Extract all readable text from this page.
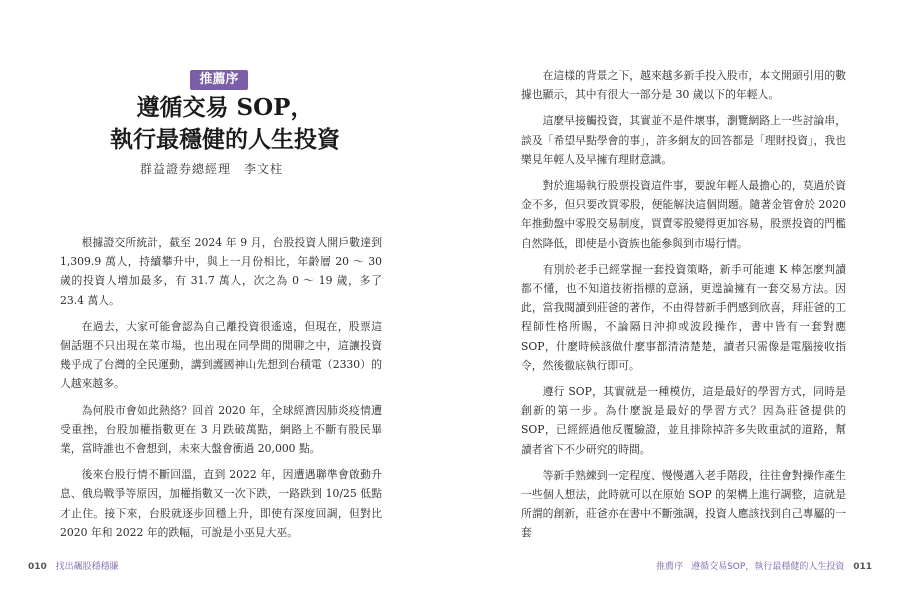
推薦序
遵循交易 SOP，
執行最穩健的人生投資
群益證券總經理　李文柱

根據證交所統計，截至 2024 年 9 月，台股投資人開戶數達到 1,309.9 萬人，持續攀升中，與上一月份相比，年齡層 20 ～ 30 歲的投資人增加最多，有 31.7 萬人，次之為 0 ～ 19 歲，多了 23.4 萬人。

在過去，大家可能會認為自己離投資很遙遠，但現在，股票這個話題不只出現在菜市場，也出現在同學間的閒聊之中，這讓投資幾乎成了台灣的全民運動，講到護國神山先想到台積電（2330）的人越來越多。

為何股市會如此熱絡？回首 2020 年，全球經濟因肺炎疫情遭受重挫，台股加權指數更在 3 月跌破萬點，網路上不斷有股民畢業，當時誰也不會想到，未來大盤會衝過 20,000 點。

後來台股行情不斷回溫，直到 2022 年，因遭遇聯準會啟動升息、俄烏戰爭等原因，加權指數又一次下跌，一路跌到 10/25 低點才止住。接下來，台股就逐步回穩上升，即使有深度回調，但對比 2020 年和 2022 年的跌幅，可說是小巫見大巫。

010 找出飆股穩穩賺

在這樣的背景之下，越來越多新手投入股市，本文開頭引用的數據也顯示，其中有很大一部分是 30 歲以下的年輕人。

這麼早接觸投資，其實並不是件壞事，瀏覽網路上一些討論串，談及「希望早點學會的事」，許多網友的回答都是「理財投資」，我也樂見年輕人及早擁有理財意識。

對於進場執行股票投資這件事，要說年輕人最擔心的，莫過於資金不多，但只要改買零股，便能解決這個問題。隨著金管會於 2020 年推動盤中零股交易制度，買賣零股變得更加容易，股票投資的門檻自然降低，即使是小資族也能參與到市場行情。

有別於老手已經掌握一套投資策略，新手可能連 K 棒怎麼判讀都不懂，也不知道技術指標的意涵，更遑論擁有一套交易方法。因此，當我閱讀到莊爸的著作，不由得替新手們感到欣喜，拜莊爸的工程師性格所賜，不論隔日沖抑或波段操作，書中皆有一套對應 SOP，什麼時候該做什麼事都清清楚楚，讀者只需像是電腦接收指令，然後徹底執行即可。

遵行 SOP，其實就是一種模仿，這是最好的學習方式，同時是創新的第一步。為什麼說是最好的學習方式？因為莊爸提供的 SOP，已經經過他反覆驗證，並且排除掉許多失敗重試的道路，幫讀者省下不少研究的時間。

等新手熟練到一定程度、慢慢邁入老手階段，往往會對操作產生一些個人想法，此時就可以在原始 SOP 的架構上進行調整，這就是所謂的創新，莊爸亦在書中不斷強調，投資人應該找到自己專屬的一套

推薦序 遵循交易SOP，執行最穩健的人生投資 011
